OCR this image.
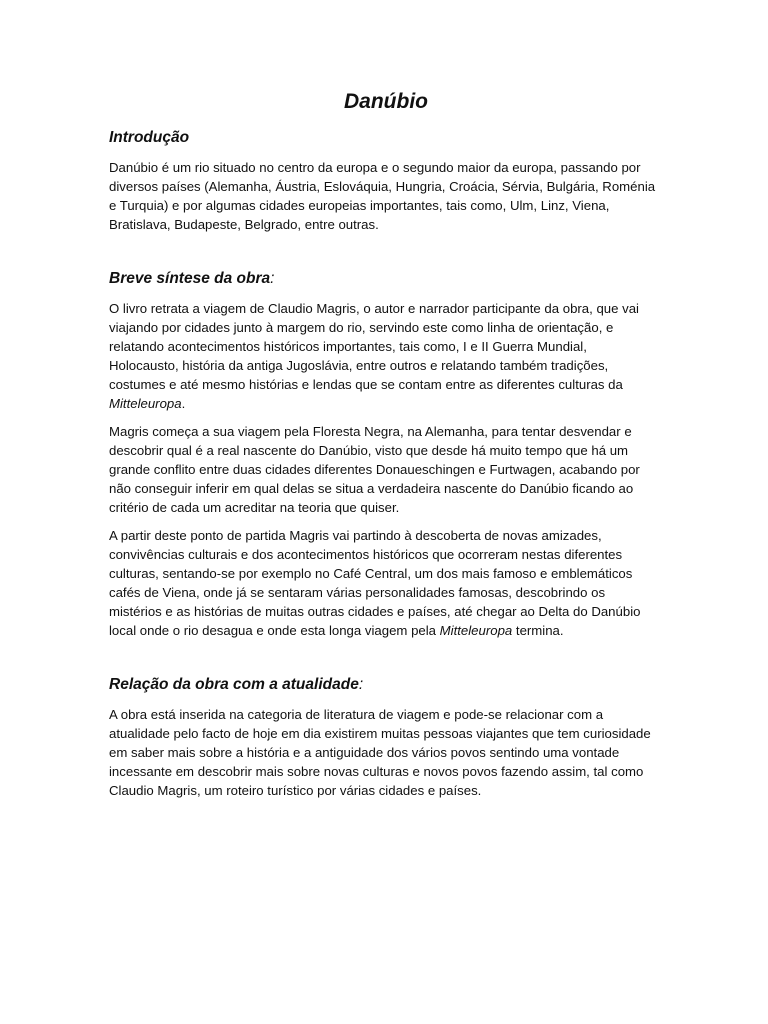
Danúbio
Introdução

Danúbio é um rio situado no centro da europa e o segundo maior da europa, passando por diversos países (Alemanha, Áustria, Eslováquia, Hungria, Croácia, Sérvia, Bulgária, Roménia e Turquia) e por algumas cidades europeias importantes, tais como, Ulm, Linz, Viena, Bratislava, Budapeste, Belgrado, entre outras.

Breve síntese da obra:

O livro retrata a viagem de Claudio Magris, o autor e narrador participante da obra, que vai viajando por cidades junto à margem do rio, servindo este como linha de orientação, e relatando acontecimentos históricos importantes, tais como, I e II Guerra Mundial, Holocausto, história da antiga Jugoslávia, entre outros e relatando também tradições, costumes e até mesmo histórias e lendas que se contam entre as diferentes culturas da Mitteleuropa.

Magris começa a sua viagem pela Floresta Negra, na Alemanha, para tentar desvendar e descobrir qual é a real nascente do Danúbio, visto que desde há muito tempo que há um grande conflito entre duas cidades diferentes Donaueschingen e Furtwagen, acabando por não conseguir inferir em qual delas se situa a verdadeira nascente do Danúbio ficando ao critério de cada um acreditar na teoria que quiser.

A partir deste ponto de partida Magris vai partindo à descoberta de novas amizades, convivências culturais e dos acontecimentos históricos que ocorreram nestas diferentes culturas, sentando-se por exemplo no Café Central, um dos mais famoso e emblemáticos cafés de Viena, onde já se sentaram várias personalidades famosas, descobrindo os mistérios e as histórias de muitas outras cidades e países, até chegar ao Delta do Danúbio local onde o rio desagua e onde esta longa viagem pela Mitteleuropa termina.

Relação da obra com a atualidade:

A obra está inserida na categoria de literatura de viagem e pode-se relacionar com a atualidade pelo facto de hoje em dia existirem muitas pessoas viajantes que tem curiosidade em saber mais sobre a história e a antiguidade dos vários povos sentindo uma vontade incessante em descobrir mais sobre novas culturas e novos povos fazendo assim, tal como Claudio Magris, um roteiro turístico por várias cidades e países.
